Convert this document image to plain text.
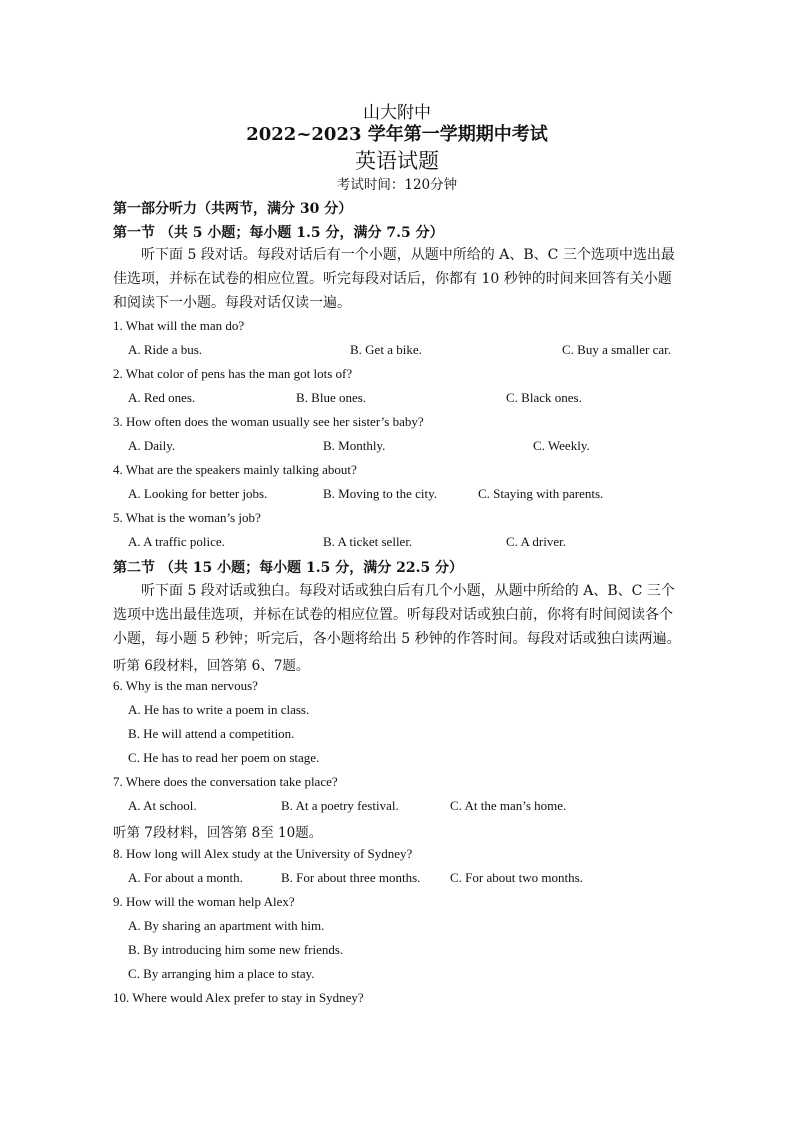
山大附中
2022~2023 学年第一学期期中考试
英语试题
考试时间：120分钟
第一部分听力（共两节，满分 30 分）
第一节 （共 5 小题；每小题 1.5 分，满分 7.5 分）
听下面 5 段对话。每段对话后有一个小题，从题中所给的 A、B、C 三个选项中选出最佳选项，并标在试卷的相应位置。听完每段对话后，你都有 10 秒钟的时间来回答有关小题和阅读下一小题。每段对话仅读一遍。
1. What will the man do?
A. Ride a bus.	B. Get a bike.	C. Buy a smaller car.
2. What color of pens has the man got lots of?
A. Red ones.	B. Blue ones.	C. Black ones.
3. How often does the woman usually see her sister’s baby?
A. Daily.	B. Monthly.	C. Weekly.
4. What are the speakers mainly talking about?
A. Looking for better jobs.	B. Moving to the city.	C. Staying with parents.
5. What is the woman’s job?
A. A traffic police.	B. A ticket seller.	C. A driver.
第二节 （共 15 小题；每小题 1.5 分，满分 22.5 分）
听下面 5 段对话或独白。每段对话或独白后有几个小题，从题中所给的 A、B、C 三个选项中选出最佳选项，并标在试卷的相应位置。听每段对话或独白前，你将有时间阅读各个小题，每小题 5 秒钟；听完后，各小题将给出 5 秒钟的作答时间。每段对话或独白读两遍。
听第 6段材料，回答第 6、7题。
6. Why is the man nervous?
A. He has to write a poem in class.
B. He will attend a competition.
C. He has to read her poem on stage.
7. Where does the conversation take place?
A. At school.	B. At a poetry festival.	C. At the man’s home.
听第 7段材料，回答第 8至 10题。
8. How long will Alex study at the University of Sydney?
A. For about a month.	B. For about three months. C. For about two months.
9. How will the woman help Alex?
A. By sharing an apartment with him.
B. By introducing him some new friends.
C. By arranging him a place to stay.
10. Where would Alex prefer to stay in Sydney?
